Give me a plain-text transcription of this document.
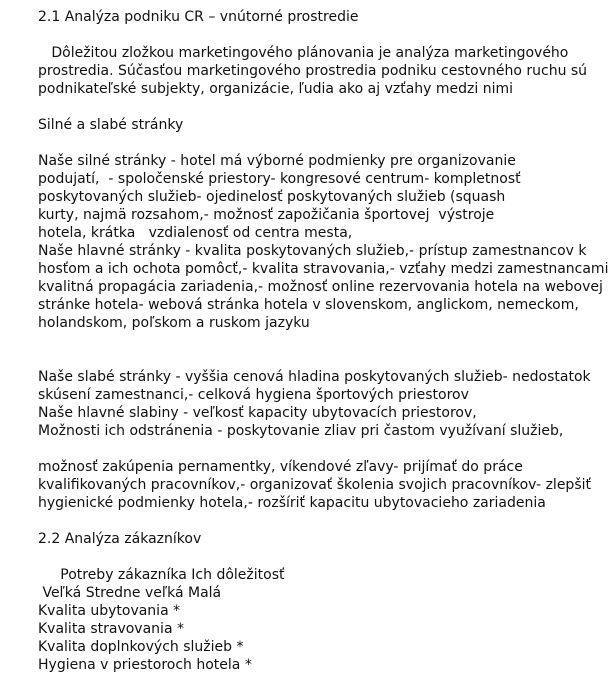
2.1 Analýza podniku CR – vnútorné prostredie
Dôležitou zložkou marketingového plánovania je analýza marketingového
prostredia. Súčasťou marketingového prostredia podniku cestovného ruchu sú
podnikateľské subjekty, organizácie, ľudia ako aj vzťahy medzi nimi
Silné a slabé stránky
Naše silné stránky - hotel má výborné podmienky pre organizovanie
podujatí,  - spoločenské priestory- kongresové centrum- kompletnosť
poskytovaných služieb- ojedinelosť poskytovaných služieb (squash
kurty, najmä rozsahom,- možnosť zapožičania športovej  výstroje
hotela, krátka   vzdialenosť od centra mesta,
Naše hlavné stránky - kvalita poskytovaných služieb,- prístup zamestnancov k
hosťom a ich ochota pomôcť,- kvalita stravovania,- vzťahy medzi zamestnancami
kvalitná propagácia zariadenia,- možnosť online rezervovania hotela na webovej
stránke hotela- webová stránka hotela v slovenskom, anglickom, nemeckom,
holandskom, poľskom a ruskom jazyku
Naše slabé stránky - vyššia cenová hladina poskytovaných služieb- nedostatok
skúsení zamestnanci,- celková hygiena športových priestorov
Naše hlavné slabiny - veľkosť kapacity ubytovacích priestorov,
Možnosti ich odstránenia - poskytovanie zliav pri častom využívaní služieb,
možnosť zakúpenia pernamentky, víkendové zľavy- prijímať do práce
kvalifikovaných pracovníkov,- organizovať školenia svojich pracovníkov- zlepšiť
hygienické podmienky hotela,- rozšíriť kapacitu ubytovacieho zariadenia
2.2 Analýza zákazníkov
Potreby zákazníka Ich dôležitosť
Veľká Stredne veľká Malá
Kvalita ubytovania *
Kvalita stravovania *
Kvalita doplnkových služieb *
Hygiena v priestoroch hotela *
